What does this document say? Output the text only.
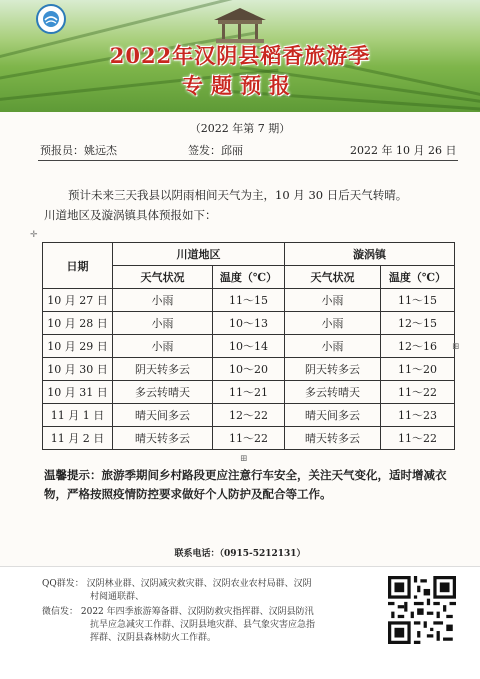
2022年汉阴县稻香旅游季
专题预报
（2022 年第 7 期）
预报员：姚远杰	签发：邱丽	2022 年 10 月 26 日
预计未来三天我县以阴雨相间天气为主，10 月 30 日后天气转晴。
川道地区及漩涡镇具体预报如下：
✛
日期	川道地区		漩涡镇	
	天气状况	温度（℃）	天气状况	温度（℃）
10 月 27 日	小雨	11～15	小雨	11～15
10 月 28 日	小雨	10～13	小雨	12～15
10 月 29 日	小雨	10～14	小雨	12～16
10 月 30 日	阴天转多云	10～20	阴天转多云	11～20
10 月 31 日	多云转晴天	11～21	多云转晴天	11～22
11 月 1 日	晴天间多云	12～22	晴天间多云	11～23
11 月 2 日	晴天转多云	11～22	晴天转多云	11～22
⊞
⊞
温馨提示：旅游季期间乡村路段更应注意行车安全，关注天气变化，适时增减衣物，严格按照疫情防控要求做好个人防护及配合等工作。
联系电话：（0915-5212131）
QQ群发： 汉阴林业群、汉阴减灾救灾群、汉阴农业农村局群、汉阴
村阅通联群、
微信发： 2022 年四季旅游筹备群、汉阴防救灾指挥群、汉阴县防汛
抗旱应急减灾工作群、汉阴县地灾群、县气象灾害应急指
挥群、汉阴县森林防火工作群。
